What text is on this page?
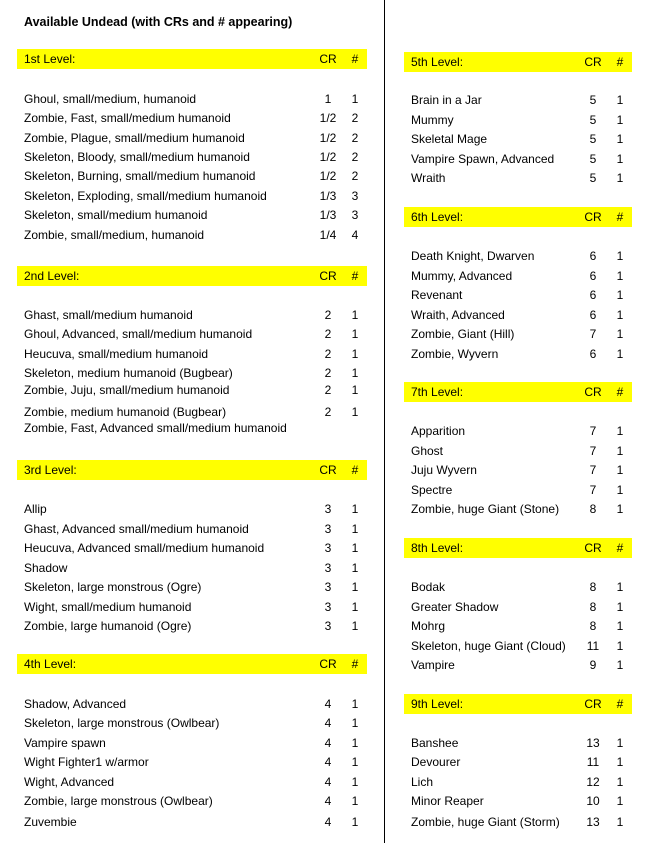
Available Undead (with CRs and # appearing)
1st Level:	CR	#
Ghoul, small/medium, humanoid	1	1
Zombie, Fast, small/medium humanoid	1/2	2
Zombie, Plague, small/medium humanoid	1/2	2
Skeleton, Bloody, small/medium humanoid	1/2	2
Skeleton, Burning, small/medium humanoid	1/2	2
Skeleton, Exploding, small/medium humanoid	1/3	3
Skeleton, small/medium humanoid	1/3	3
Zombie, small/medium, humanoid	1/4	4
2nd Level:	CR	#
Ghast, small/medium humanoid	2	1
Ghoul, Advanced, small/medium humanoid	2	1
Heucuva, small/medium humanoid	2	1
Skeleton, medium humanoid (Bugbear)	2	1
Zombie, Juju, small/medium humanoid	2	1
Zombie, medium humanoid (Bugbear)	2	1
Zombie, Fast, Advanced small/medium humanoid
3rd Level:	CR	#
Allip	3	1
Ghast, Advanced small/medium humanoid	3	1
Heucuva, Advanced small/medium humanoid	3	1
Shadow	3	1
Skeleton, large monstrous (Ogre)	3	1
Wight, small/medium humanoid	3	1
Zombie, large humanoid (Ogre)	3	1
4th Level:	CR	#
Shadow, Advanced	4	1
Skeleton, large monstrous (Owlbear)	4	1
Vampire spawn	4	1
Wight Fighter1 w/armor	4	1
Wight, Advanced	4	1
Zombie, large monstrous (Owlbear)	4	1
Zuvembie	4	1
5th Level:	CR	#
Brain in a Jar	5	1
Mummy	5	1
Skeletal Mage	5	1
Vampire Spawn, Advanced	5	1
Wraith	5	1
6th Level:	CR	#
Death Knight, Dwarven	6	1
Mummy, Advanced	6	1
Revenant	6	1
Wraith, Advanced	6	1
Zombie, Giant (Hill)	7	1
Zombie, Wyvern	6	1
7th Level:	CR	#
Apparition	7	1
Ghost	7	1
Juju Wyvern	7	1
Spectre	7	1
Zombie, huge Giant (Stone)	8	1
8th Level:	CR	#
Bodak	8	1
Greater Shadow	8	1
Mohrg	8	1
Skeleton, huge Giant (Cloud)	11	1
Vampire	9	1
9th Level:	CR	#
Banshee	13	1
Devourer	11	1
Lich	12	1
Minor Reaper	10	1
Zombie, huge Giant (Storm)	13	1
